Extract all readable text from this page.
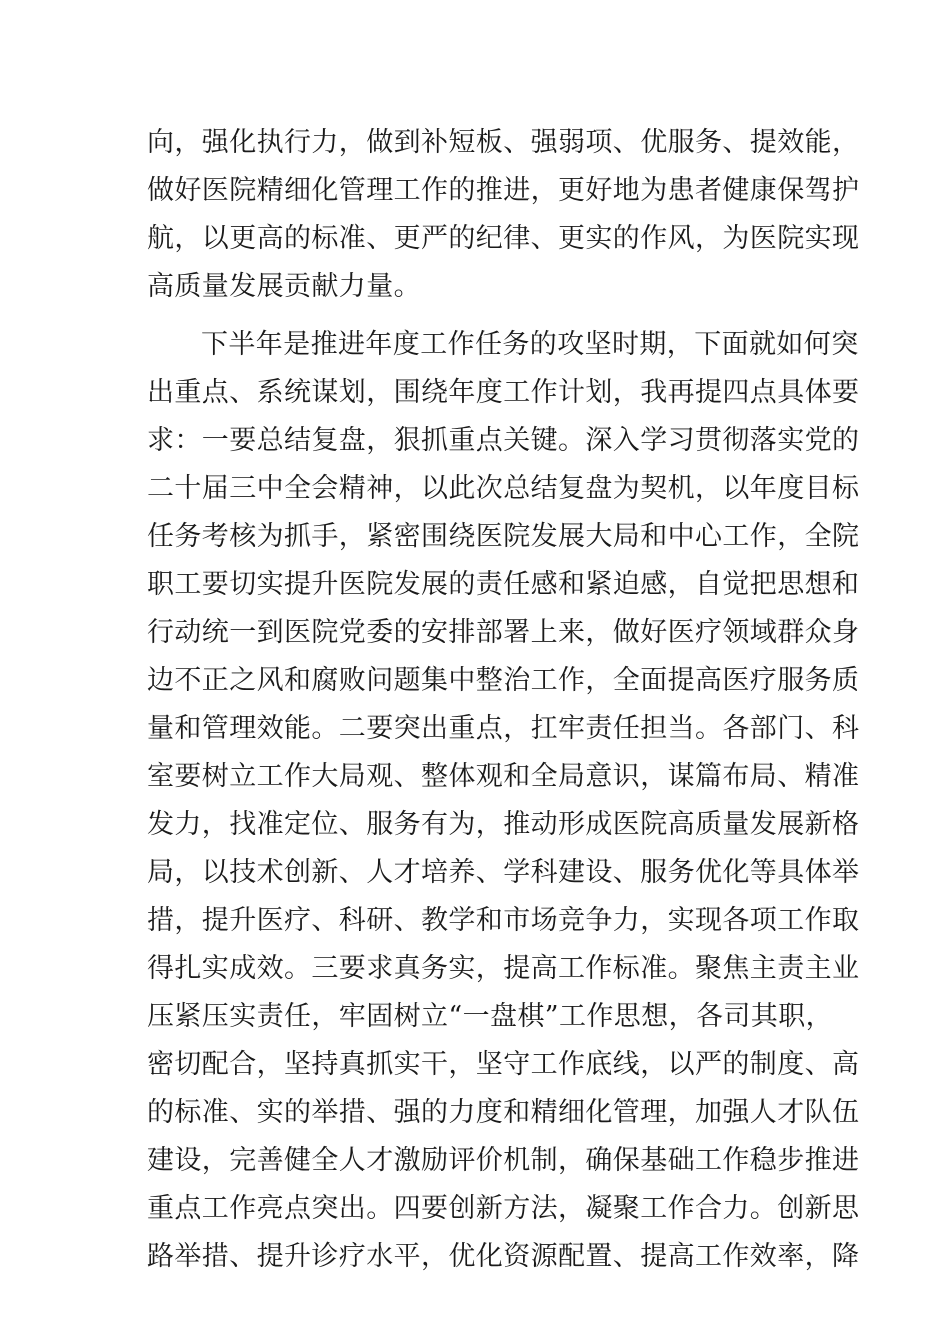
向，强化执行力，做到补短板、强弱项、优服务、提效能，
做好医院精细化管理工作的推进，更好地为患者健康保驾护
航，以更高的标准、更严的纪律、更实的作风，为医院实现
高质量发展贡献力量。
下半年是推进年度工作任务的攻坚时期，下面就如何突
出重点、系统谋划，围绕年度工作计划，我再提四点具体要
求：一要总结复盘，狠抓重点关键。深入学习贯彻落实党的
二十届三中全会精神，以此次总结复盘为契机，以年度目标
任务考核为抓手，紧密围绕医院发展大局和中心工作，全院
职工要切实提升医院发展的责任感和紧迫感，自觉把思想和
行动统一到医院党委的安排部署上来，做好医疗领域群众身
边不正之风和腐败问题集中整治工作，全面提高医疗服务质
量和管理效能。二要突出重点，扛牢责任担当。各部门、科
室要树立工作大局观、整体观和全局意识，谋篇布局、精准
发力，找准定位、服务有为，推动形成医院高质量发展新格
局，以技术创新、人才培养、学科建设、服务优化等具体举
措，提升医疗、科研、教学和市场竞争力，实现各项工作取
得扎实成效。三要求真务实，提高工作标准。聚焦主责主业
压紧压实责任，牢固树立“一盘棋”工作思想，各司其职，
密切配合，坚持真抓实干，坚守工作底线，以严的制度、高
的标准、实的举措、强的力度和精细化管理，加强人才队伍
建设，完善健全人才激励评价机制，确保基础工作稳步推进
重点工作亮点突出。四要创新方法，凝聚工作合力。创新思
路举措、提升诊疗水平，优化资源配置、提高工作效率，降
